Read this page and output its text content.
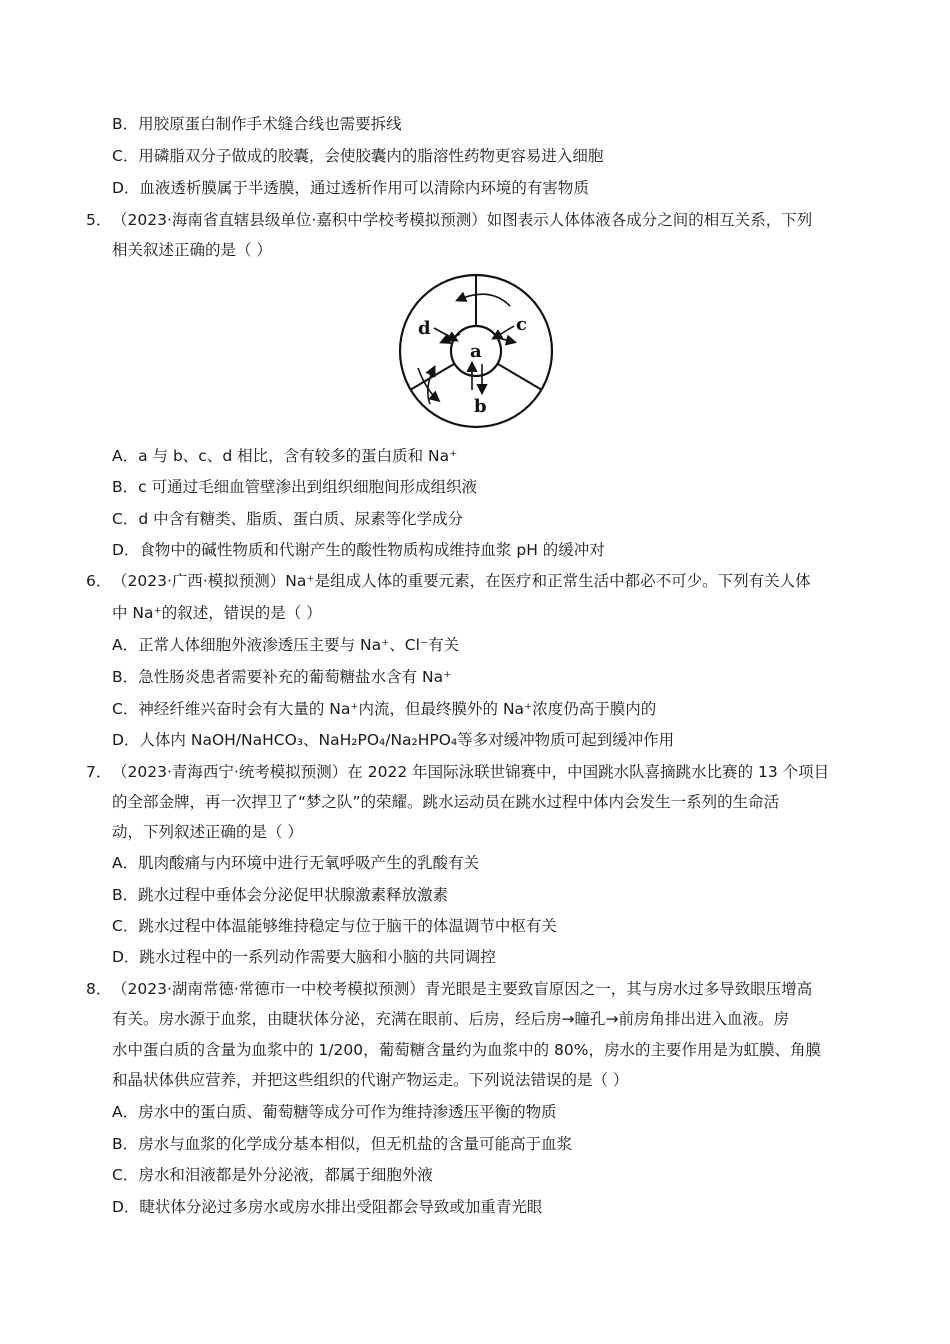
B．用胶原蛋白制作手术缝合线也需要拆线
C．用磷脂双分子做成的胶囊，会使胶囊内的脂溶性药物更容易进入细胞
D．血液透析膜属于半透膜，通过透析作用可以清除内环境的有害物质
5． （2023·海南省直辖县级单位·嘉积中学校考模拟预测）如图表示人体体液各成分之间的相互关系，下列
相关叙述正确的是（ ）
a
b
c
d
A．a 与 b、c、d 相比，含有较多的蛋白质和 Na⁺
B．c 可通过毛细血管壁渗出到组织细胞间形成组织液
C．d 中含有糖类、脂质、蛋白质、尿素等化学成分
D．食物中的碱性物质和代谢产生的酸性物质构成维持血浆 pH 的缓冲对
6． （2023·广西·模拟预测）Na⁺是组成人体的重要元素，在医疗和正常生活中都必不可少。下列有关人体
中 Na⁺的叙述，错误的是（ ）
A．正常人体细胞外液渗透压主要与 Na⁺、Cl⁻有关
B．急性肠炎患者需要补充的葡萄糖盐水含有 Na⁺
C．神经纤维兴奋时会有大量的 Na⁺内流，但最终膜外的 Na⁺浓度仍高于膜内的
D．人体内 NaOH/NaHCO₃、NaH₂PO₄/Na₂HPO₄等多对缓冲物质可起到缓冲作用
7． （2023·青海西宁·统考模拟预测）在 2022 年国际泳联世锦赛中，中国跳水队喜摘跳水比赛的 13 个项目
的全部金牌，再一次捍卫了“梦之队”的荣耀。跳水运动员在跳水过程中体内会发生一系列的生命活
动，下列叙述正确的是（ ）
A．肌肉酸痛与内环境中进行无氧呼吸产生的乳酸有关
B．跳水过程中垂体会分泌促甲状腺激素释放激素
C．跳水过程中体温能够维持稳定与位于脑干的体温调节中枢有关
D．跳水过程中的一系列动作需要大脑和小脑的共同调控
8． （2023·湖南常德·常德市一中校考模拟预测）青光眼是主要致盲原因之一，其与房水过多导致眼压增高
有关。房水源于血浆，由睫状体分泌，充满在眼前、后房，经后房→瞳孔→前房角排出进入血液。房
水中蛋白质的含量为血浆中的 1/200，葡萄糖含量约为血浆中的 80%，房水的主要作用是为虹膜、角膜
和晶状体供应营养，并把这些组织的代谢产物运走。下列说法错误的是（ ）
A．房水中的蛋白质、葡萄糖等成分可作为维持渗透压平衡的物质
B．房水与血浆的化学成分基本相似，但无机盐的含量可能高于血浆
C．房水和泪液都是外分泌液，都属于细胞外液
D．睫状体分泌过多房水或房水排出受阻都会导致或加重青光眼
